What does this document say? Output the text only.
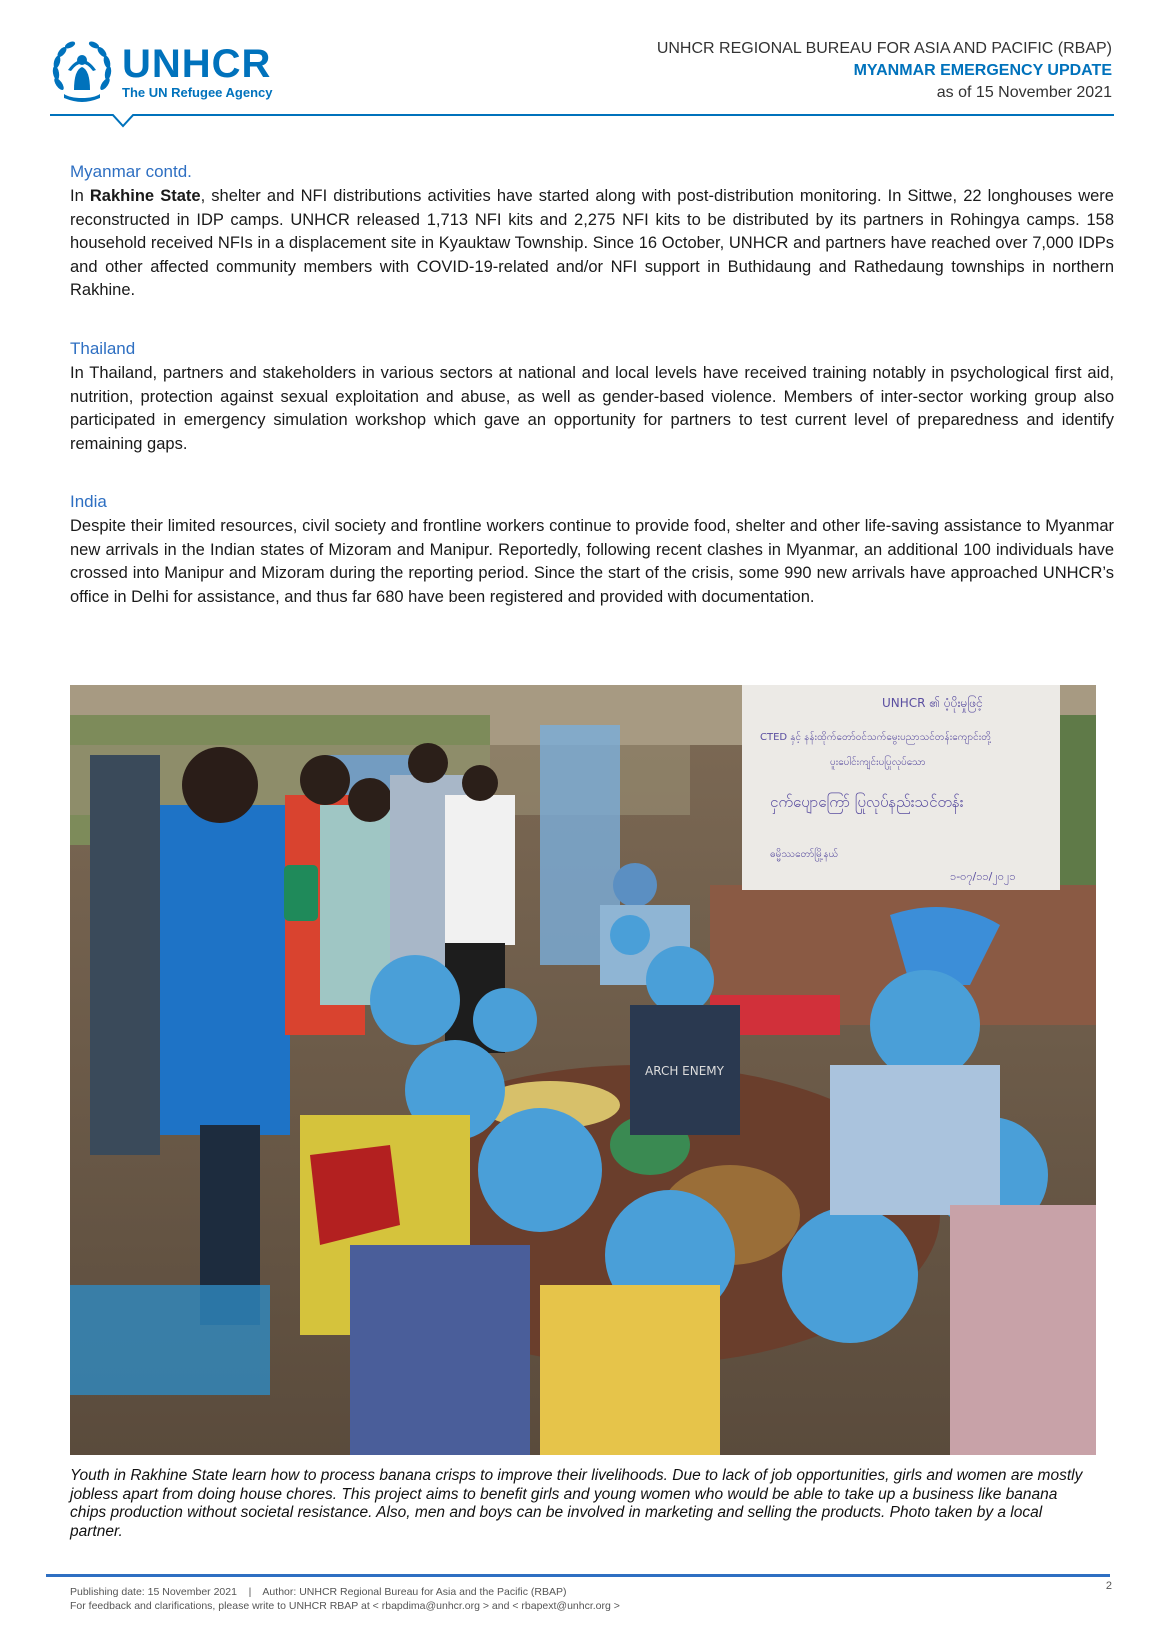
UNHCR
The UN Refugee Agency
UNHCR REGIONAL BUREAU FOR ASIA AND PACIFIC (RBAP)
MYANMAR EMERGENCY UPDATE
as of 15 November 2021
Myanmar contd.

In Rakhine State, shelter and NFI distributions activities have started along with post-distribution monitoring. In Sittwe, 22 longhouses were reconstructed in IDP camps. UNHCR released 1,713 NFI kits and 2,275 NFI kits to be distributed by its partners in Rohingya camps. 158 household received NFIs in a displacement site in Kyauktaw Township. Since 16 October, UNHCR and partners have reached over 7,000 IDPs and other affected community members with COVID-19-related and/or NFI support in Buthidaung and Rathedaung townships in northern Rakhine.

Thailand

In Thailand, partners and stakeholders in various sectors at national and local levels have received training notably in psychological first aid, nutrition, protection against sexual exploitation and abuse, as well as gender-based violence. Members of inter-sector working group also participated in emergency simulation workshop which gave an opportunity for partners to test current level of preparedness and identify remaining gaps.

India

Despite their limited resources, civil society and frontline workers continue to provide food, shelter and other life-saving assistance to Myanmar new arrivals in the Indian states of Mizoram and Manipur. Reportedly, following recent clashes in Myanmar, an additional 100 individuals have crossed into Manipur and Mizoram during the reporting period. Since the start of the crisis, some 990 new arrivals have approached UNHCR’s office in Delhi for assistance, and thus far 680 have been registered and provided with documentation.

UNHCR ၏ ပံ့ပိုးမှုဖြင့်
CTED နှင့် နန်းထိုက်တော်ဝင်သက်မွေးပညာသင်တန်းကျောင်းတို့
ပူးပေါင်းကျင်းပပြုလုပ်သော
ငှက်ပျောကြော် ပြုလုပ်နည်းသင်တန်း
ဓမ္မိဿတော်မြို့နယ်
၁-၀၇/၁၁/၂၀၂၁
ARCH ENEMY
Youth in Rakhine State learn how to process banana crisps to improve their livelihoods. Due to lack of job opportunities, girls and women are mostly jobless apart from doing house chores. This project aims to benefit girls and young women who would be able to take up a business like banana chips production without societal resistance. Also, men and boys can be involved in marketing and selling the products. Photo taken by a local partner.
Publishing date: 15 November 2021    |    Author: UNHCR Regional Bureau for Asia and the Pacific (RBAP)
For feedback and clarifications, please write to UNHCR RBAP at < rbapdima@unhcr.org > and < rbapext@unhcr.org >
2
